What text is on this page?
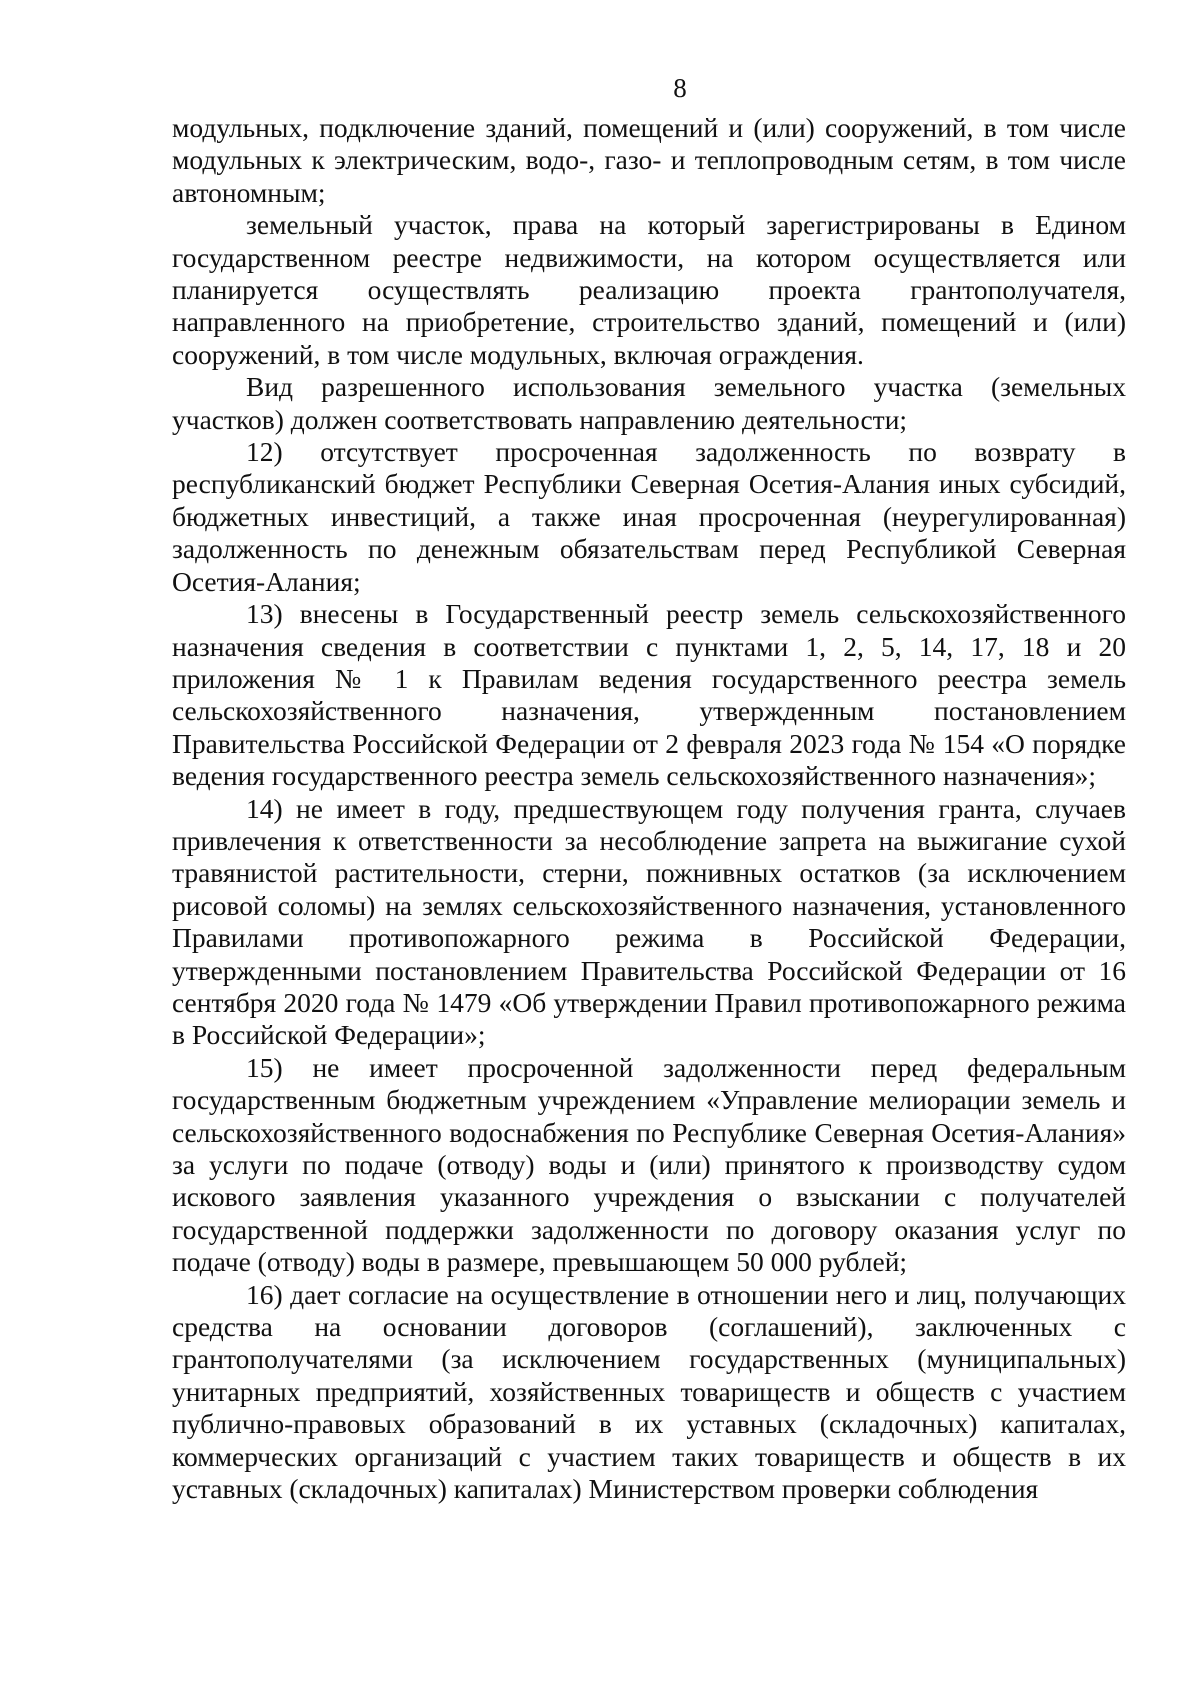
8

модульных, подключение зданий, помещений и (или) сооружений, в том числе модульных к электрическим, водо-, газо- и теплопроводным сетям, в том числе автономным;

земельный участок, права на который зарегистрированы в Едином государственном реестре недвижимости, на котором осуществляется или планируется осуществлять реализацию проекта грантополучателя, направленного на приобретение, строительство зданий, помещений и (или) сооружений, в том числе модульных, включая ограждения.

Вид разрешенного использования земельного участка (земельных участков) должен соответствовать направлению деятельности;

12) отсутствует просроченная задолженность по возврату в республиканский бюджет Республики Северная Осетия-Алания иных субсидий, бюджетных инвестиций, а также иная просроченная (неурегулированная) задолженность по денежным обязательствам перед Республикой Северная Осетия-Алания;

13) внесены в Государственный реестр земель сельскохозяйственного назначения сведения в соответствии с пунктами 1, 2, 5, 14, 17, 18 и 20 приложения № 1 к Правилам ведения государственного реестра земель сельскохозяйственного назначения, утвержденным постановлением Правительства Российской Федерации от 2 февраля 2023 года № 154 «О порядке ведения государственного реестра земель сельскохозяйственного назначения»;

14) не имеет в году, предшествующем году получения гранта, случаев привлечения к ответственности за несоблюдение запрета на выжигание сухой травянистой растительности, стерни, пожнивных остатков (за исключением рисовой соломы) на землях сельскохозяйственного назначения, установленного Правилами противопожарного режима в Российской Федерации, утвержденными постановлением Правительства Российской Федерации от 16 сентября 2020 года № 1479 «Об утверждении Правил противопожарного режима в Российской Федерации»;

15) не имеет просроченной задолженности перед федеральным государственным бюджетным учреждением «Управление мелиорации земель и сельскохозяйственного водоснабжения по Республике Северная Осетия-Алания» за услуги по подаче (отводу) воды и (или) принятого к производству судом искового заявления указанного учреждения о взыскании с получателей государственной поддержки задолженности по договору оказания услуг по подаче (отводу) воды в размере, превышающем 50 000 рублей;

16) дает согласие на осуществление в отношении него и лиц, получающих средства на основании договоров (соглашений), заключенных с грантополучателями (за исключением государственных (муниципальных) унитарных предприятий, хозяйственных товариществ и обществ с участием публично-правовых образований в их уставных (складочных) капиталах, коммерческих организаций с участием таких товариществ и обществ в их уставных (складочных) капиталах) Министерством проверки соблюдения
